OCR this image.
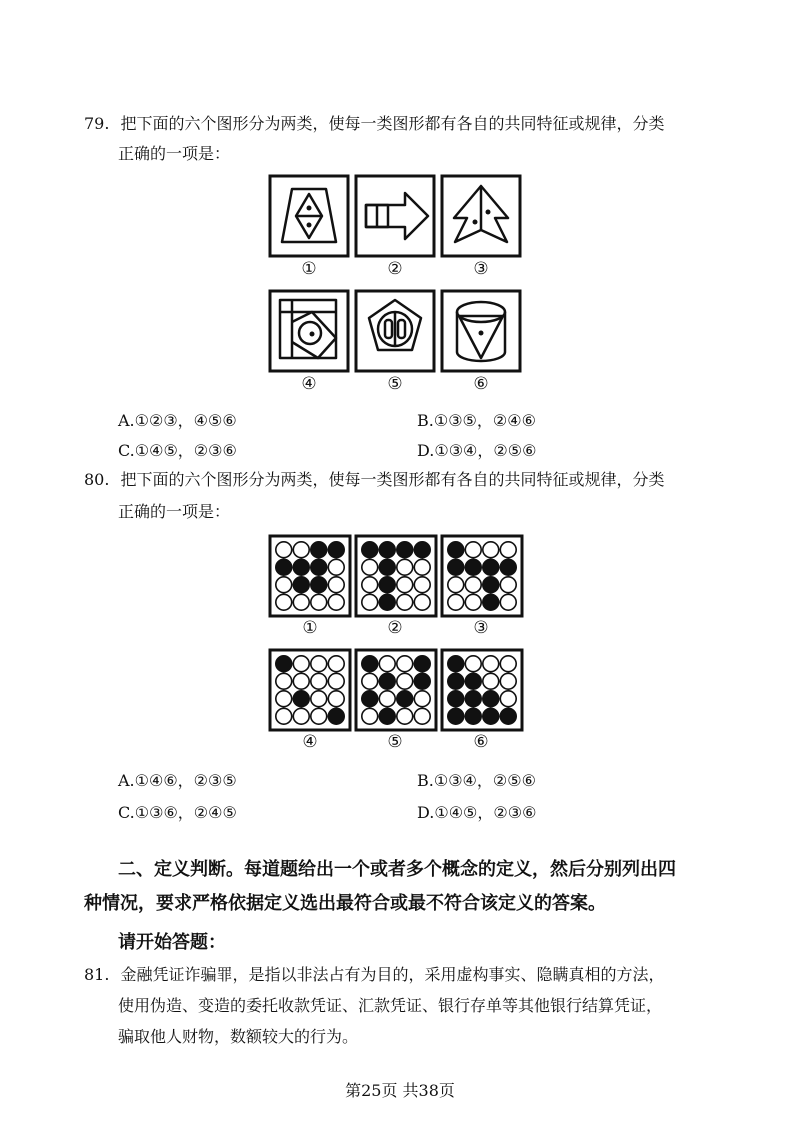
79. 把下面的六个图形分为两类，使每一类图形都有各自的共同特征或规律，分类
正确的一项是：
①	②	③
④	⑤	⑥
A.①②③，④⑤⑥	B.①③⑤，②④⑥
C.①④⑤，②③⑥	D.①③④，②⑤⑥
80. 把下面的六个图形分为两类，使每一类图形都有各自的共同特征或规律，分类
正确的一项是：
①	②	③
④	⑤	⑥
A.①④⑥，②③⑤	B.①③④，②⑤⑥
C.①③⑥，②④⑤	D.①④⑤，②③⑥
二、定义判断。每道题给出一个或者多个概念的定义，然后分别列出四
种情况，要求严格依据定义选出最符合或最不符合该定义的答案。
请开始答题：
81. 金融凭证诈骗罪，是指以非法占有为目的，采用虚构事实、隐瞒真相的方法，
使用伪造、变造的委托收款凭证、汇款凭证、银行存单等其他银行结算凭证，
骗取他人财物，数额较大的行为。
第25页 共38页
